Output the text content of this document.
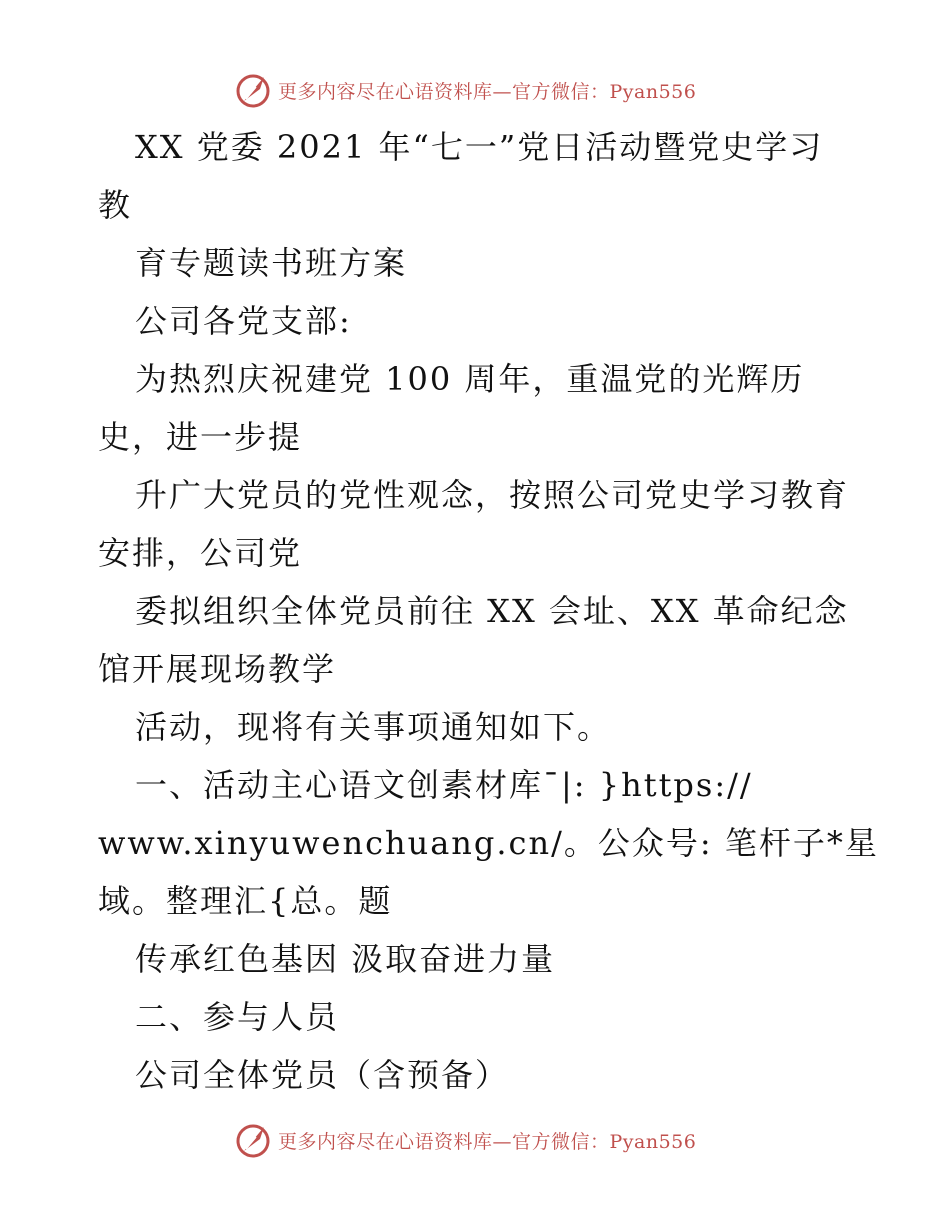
更多内容尽在心语资料库—官方微信：Pyan556
XX 党委 2021 年“七一”党日活动暨党史学习
教
育专题读书班方案
公司各党支部:
为热烈庆祝建党 100 周年，重温党的光辉历
史，进一步提
升广大党员的党性观念，按照公司党史学习教育
安排，公司党
委拟组织全体党员前往 XX 会址、XX 革命纪念
馆开展现场教学
活动，现将有关事项通知如下。
一、活动主心语文创素材库¯|: }https://
www.xinyuwenchuang.cn/。公众号: 笔杆子*星
域。整理汇{总。题
传承红色基因 汲取奋进力量
二、参与人员
公司全体党员（含预备）
更多内容尽在心语资料库—官方微信：Pyan556
